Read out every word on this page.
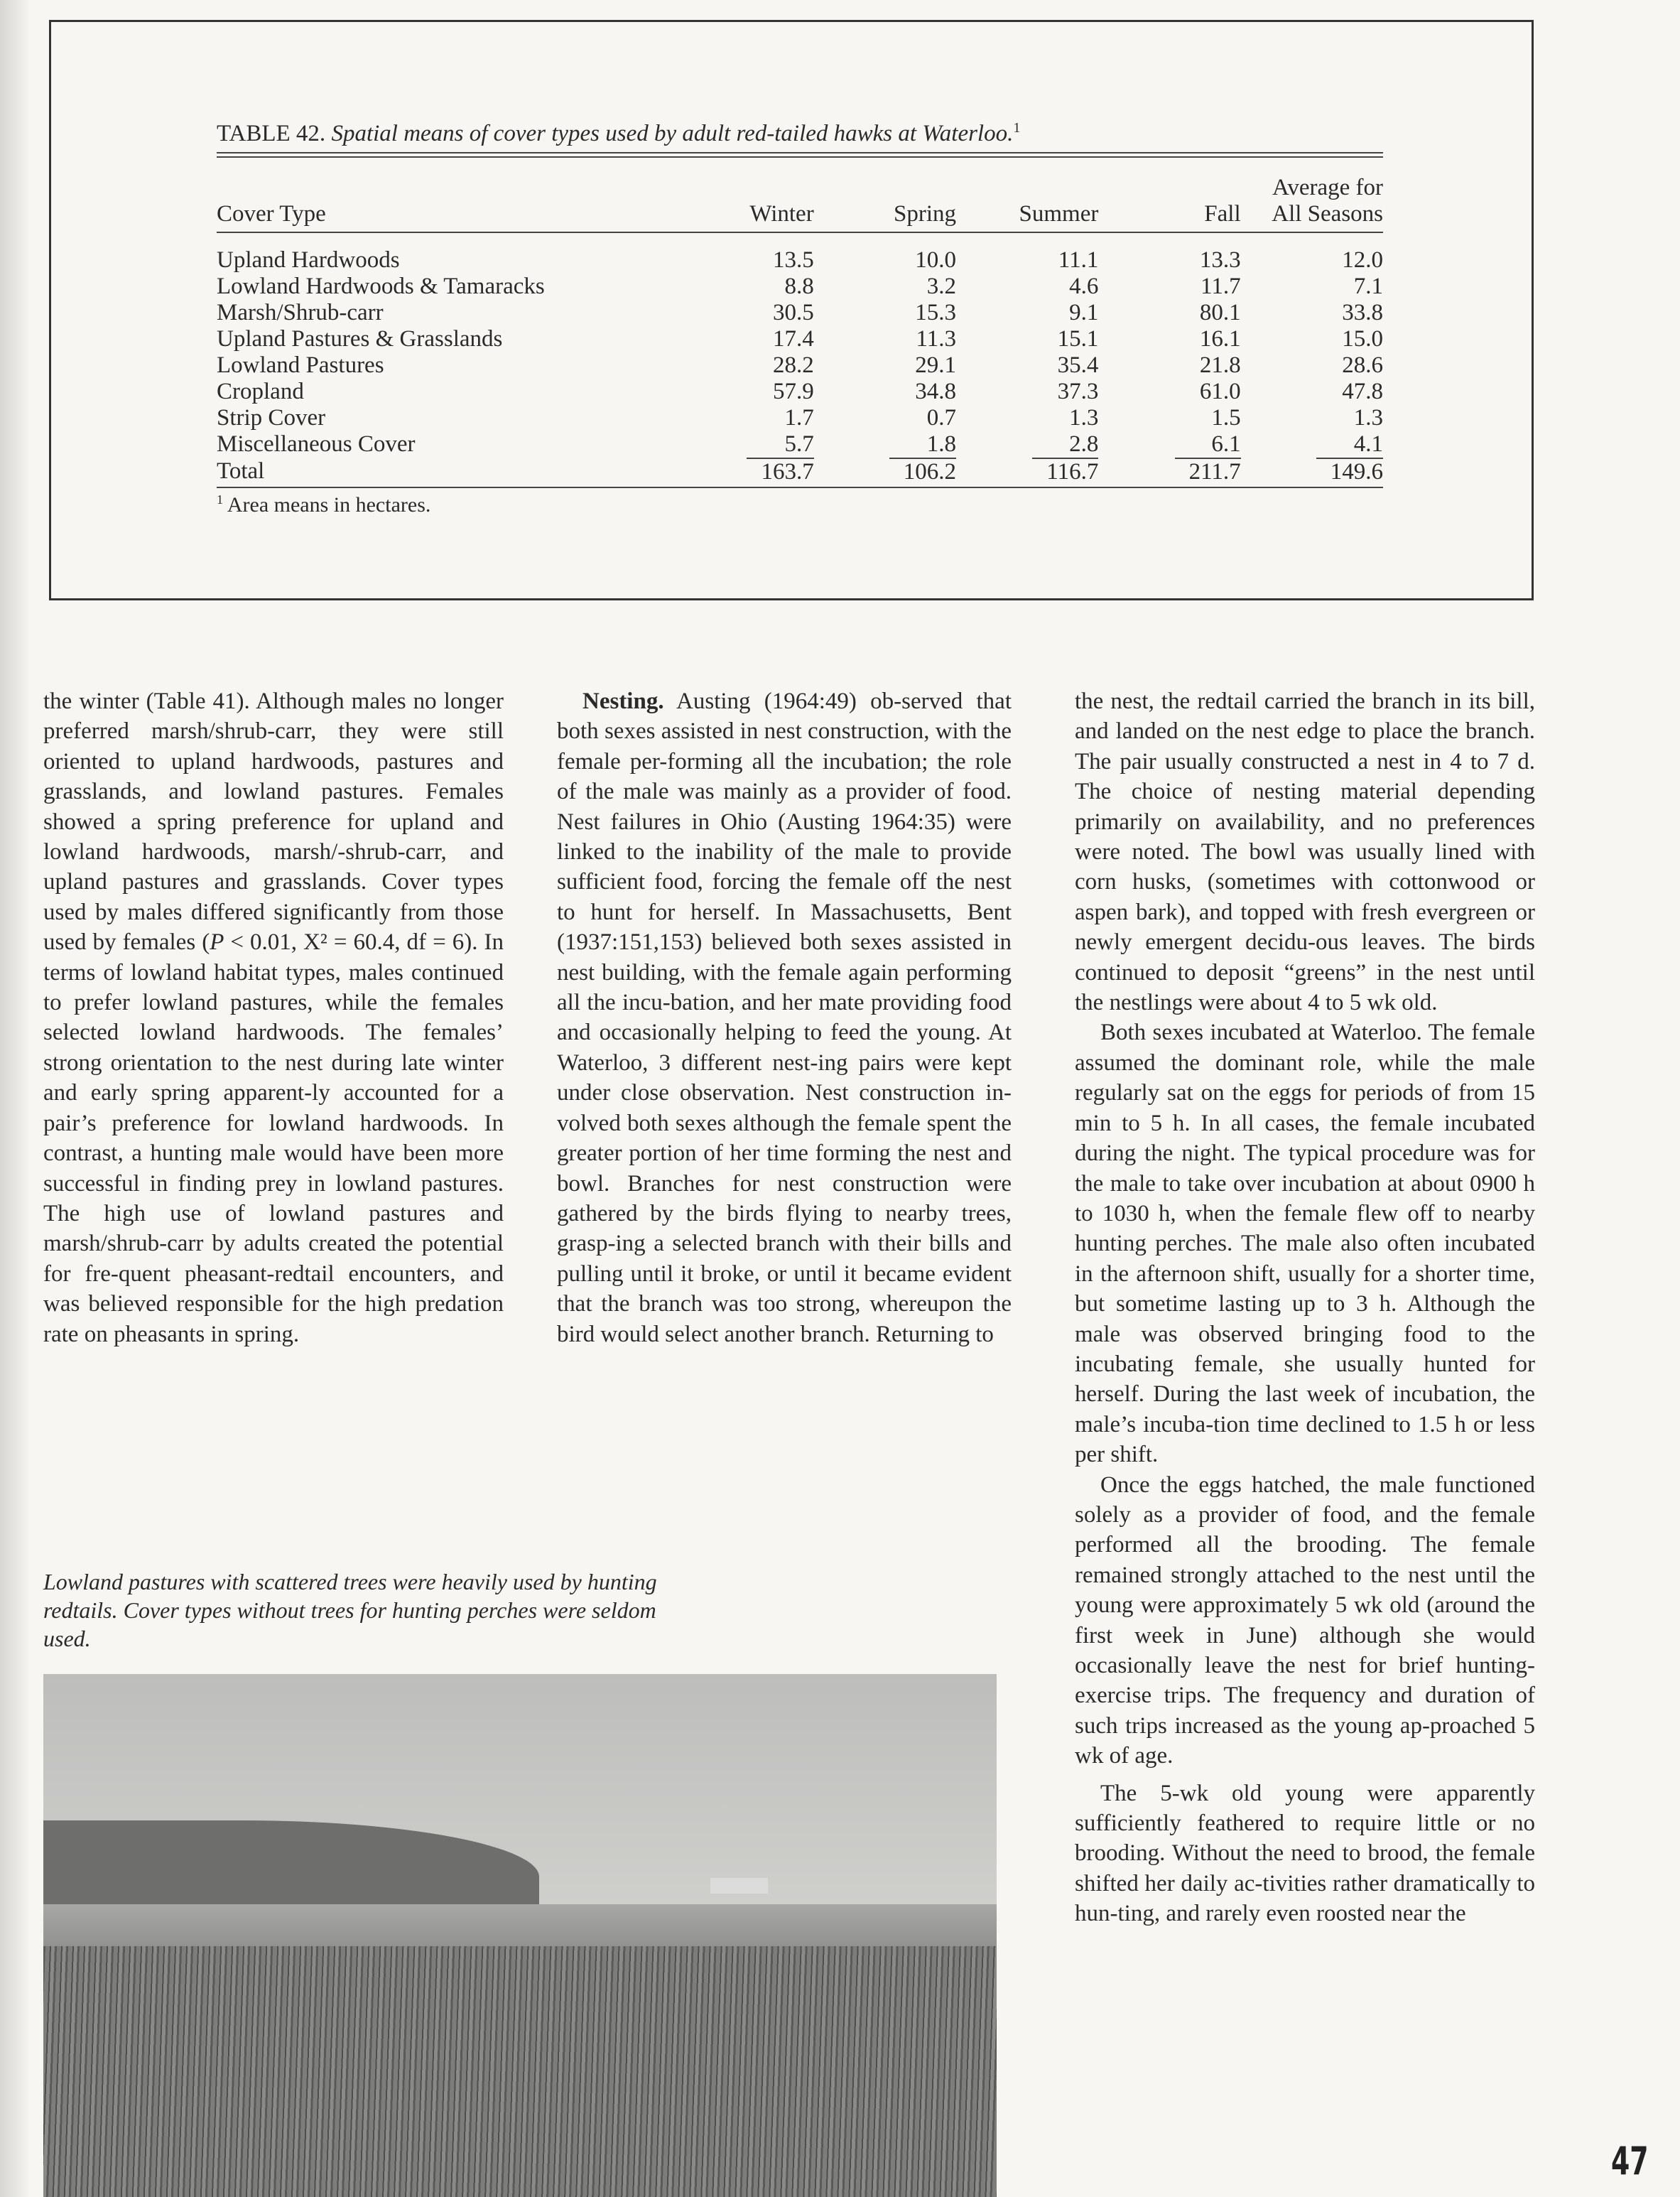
TABLE 42. Spatial means of cover types used by adult red-tailed hawks at Waterloo.$^1$
Cover Type	Winter	Spring	Summer	Fall	Average for
All Seasons
Upland Hardwoods	13.5	10.0	11.1	13.3	12.0
Lowland Hardwoods & Tamaracks	8.8	3.2	4.6	11.7	7.1
Marsh/Shrub-carr	30.5	15.3	9.1	80.1	33.8
Upland Pastures & Grasslands	17.4	11.3	15.1	16.1	15.0
Lowland Pastures	28.2	29.1	35.4	21.8	28.6
Cropland	57.9	34.8	37.3	61.0	47.8
Strip Cover	1.7	0.7	1.3	1.5	1.3
Miscellaneous Cover	5.7	1.8	2.8	6.1	4.1
Total	163.7	106.2	116.7	211.7	149.6
$^1$ Area means in hectares.

the winter (Table 41). Although males no longer preferred marsh/shrub-carr, they were still oriented to upland hardwoods, pastures and grasslands, and lowland pastures. Females showed a spring preference for upland and lowland hardwoods, marsh/-shrub-carr, and upland pastures and grasslands. Cover types used by males differed significantly from those used by females (P < 0.01, X² = 60.4, df = 6). In terms of lowland habitat types, males continued to prefer lowland pastures, while the females selected lowland hardwoods. The females’ strong orientation to the nest during late winter and early spring apparent-ly accounted for a pair’s preference for lowland hardwoods. In contrast, a hunting male would have been more successful in finding prey in lowland pastures. The high use of lowland pastures and marsh/shrub-carr by adults created the potential for fre-quent pheasant-redtail encounters, and was believed responsible for the high predation rate on pheasants in spring.

Nesting. Austing (1964:49) ob-served that both sexes assisted in nest construction, with the female per-forming all the incubation; the role of the male was mainly as a provider of food. Nest failures in Ohio (Austing 1964:35) were linked to the inability of the male to provide sufficient food, forcing the female off the nest to hunt for herself. In Massachusetts, Bent (1937:151,153) believed both sexes assisted in nest building, with the female again performing all the incu-bation, and her mate providing food and occasionally helping to feed the young. At Waterloo, 3 different nest-ing pairs were kept under close observation. Nest construction in-volved both sexes although the female spent the greater portion of her time forming the nest and bowl. Branches for nest construction were gathered by the birds flying to nearby trees, grasp-ing a selected branch with their bills and pulling until it broke, or until it became evident that the branch was too strong, whereupon the bird would select another branch. Returning to

the nest, the redtail carried the branch in its bill, and landed on the nest edge to place the branch. The pair usually constructed a nest in 4 to 7 d. The choice of nesting material depending primarily on availability, and no preferences were noted. The bowl was usually lined with corn husks, (sometimes with cottonwood or aspen bark), and topped with fresh evergreen or newly emergent decidu-ous leaves. The birds continued to deposit “greens” in the nest until the nestlings were about 4 to 5 wk old.

Both sexes incubated at Waterloo. The female assumed the dominant role, while the male regularly sat on the eggs for periods of from 15 min to 5 h. In all cases, the female incubated during the night. The typical procedure was for the male to take over incubation at about 0900 h to 1030 h, when the female flew off to nearby hunting perches. The male also often incubated in the afternoon shift, usually for a shorter time, but sometime lasting up to 3 h. Although the male was observed bringing food to the incubating female, she usually hunted for herself. During the last week of incubation, the male’s incuba-tion time declined to 1.5 h or less per shift.

Once the eggs hatched, the male functioned solely as a provider of food, and the female performed all the brooding. The female remained strongly attached to the nest until the young were approximately 5 wk old (around the first week in June) although she would occasionally leave the nest for brief hunting-exercise trips. The frequency and duration of such trips increased as the young ap-proached 5 wk of age.

The 5-wk old young were apparently sufficiently feathered to require little or no brooding. Without the need to brood, the female shifted her daily ac-tivities rather dramatically to hun-ting, and rarely even roosted near the

Lowland pastures with scattered trees were heavily used by hunting redtails. Cover types without trees for hunting perches were seldom used.
47
